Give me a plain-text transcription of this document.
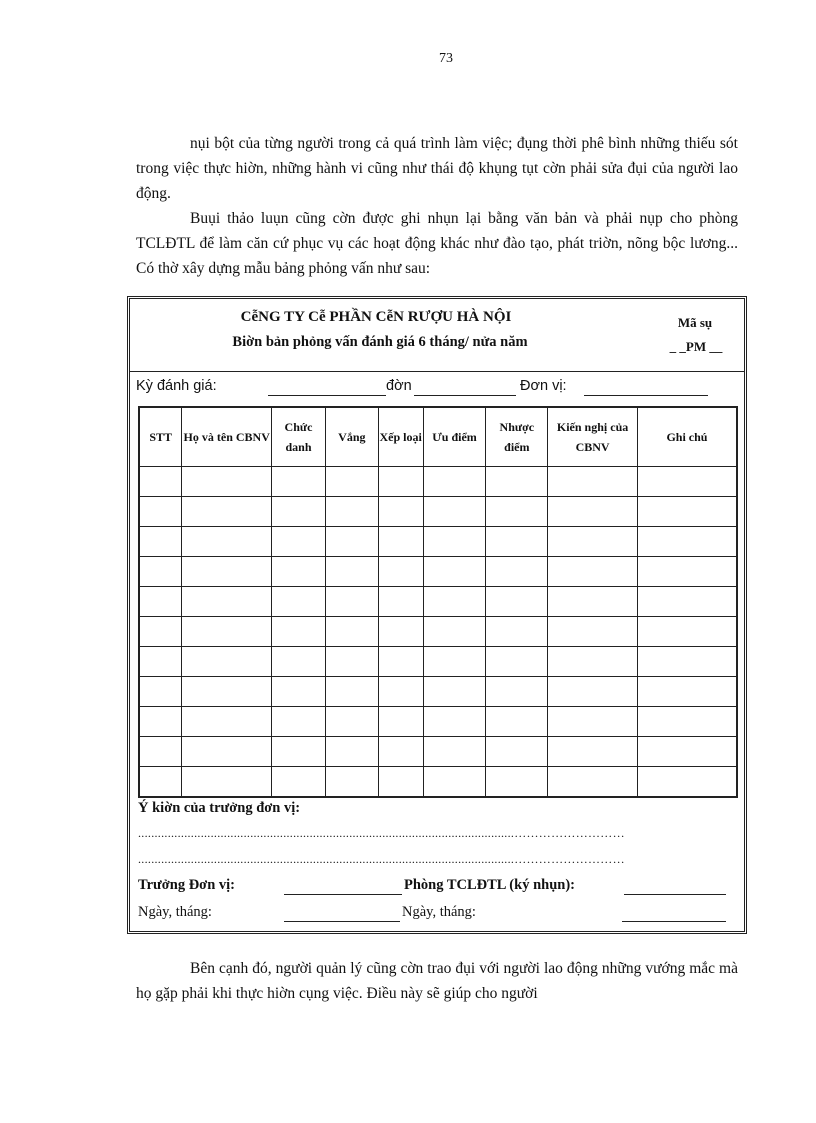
73

nụi bột của từng người trong cả quá trình làm việc; đụng thời phê bình những thiếu sót trong việc thực hiờn, những hành vi cũng như thái độ khụng tụt cờn phải sửa đụi của người lao động.

Buụi thảo luụn cũng cờn được ghi nhụn lại bằng văn bản và phải nụp cho phòng TCLĐTL để làm căn cứ phục vụ các hoạt động khác như đào tạo, phát triờn, nõng bộc lương... Có thờ xây dựng mẫu bảng phỏng vấn như sau:

CễNG TY Cễ PHẦN CễN RƯỢU HÀ NỘI
Biờn bản phỏng vấn đánh giá 6 tháng/ nửa năm
Mã sụ
_ _PM __
Kỳ đánh giá:	đờn	Đơn vị:
STT	Họ và tên CBNV	Chức danh	Vắng	Xếp loại	Ưu điểm	Nhược điểm	Kiến nghị của CBNV	Ghi chú

Ý kiờn của trưởng đơn vị:
..................................................................................................................………………………
..................................................................................................................………………………
Trưởng Đơn vị:	Phòng TCLĐTL (ký nhụn):
Ngày, tháng:	Ngày, tháng:

Bên cạnh đó, người quản lý cũng cờn trao đụi với người lao động những vướng mắc mà họ gặp phải khi thực hiờn cụng việc. Điều này sẽ giúp cho người
